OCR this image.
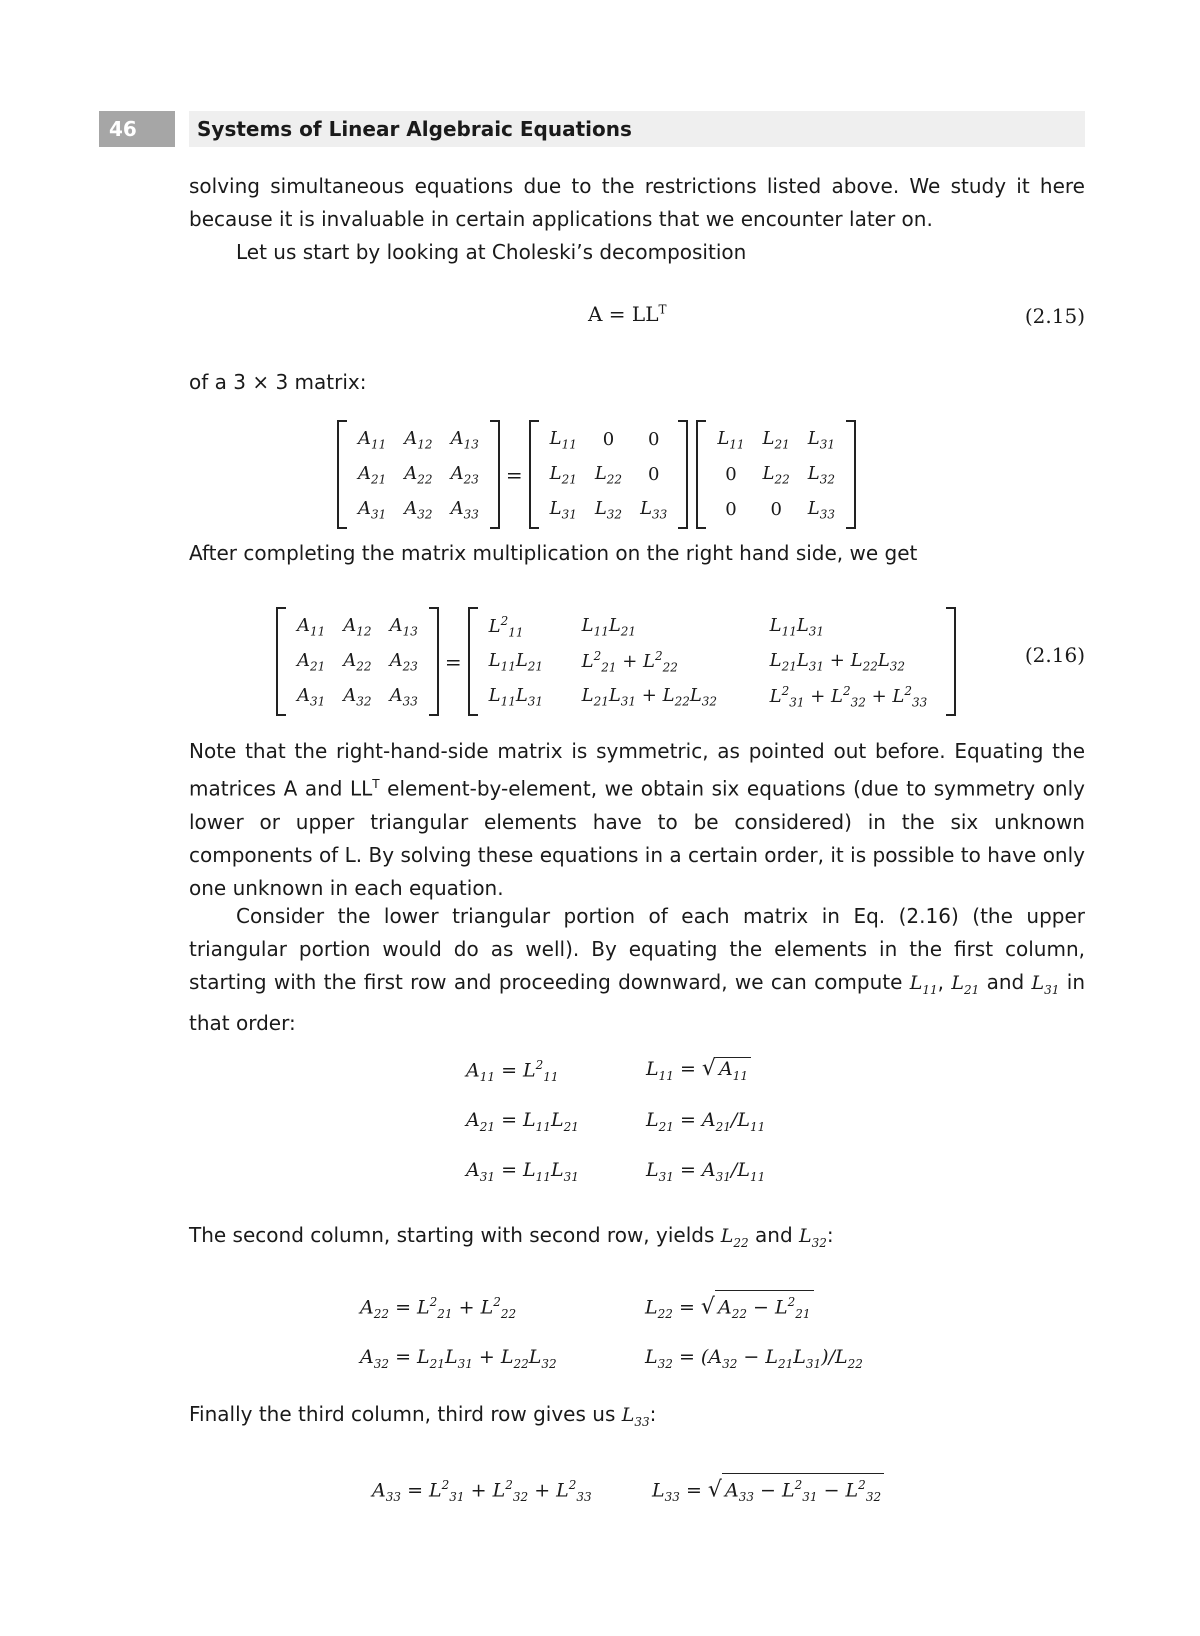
46	Systems of Linear Algebraic Equations

solving simultaneous equations due to the restrictions listed above. We study it here because it is invaluable in certain applications that we encounter later on.

Let us start by looking at Choleski’s decomposition

$A = LL^T$	(2.15)

of a 3 × 3 matrix:

$A_{11}$	$A_{12}$	$A_{13}$
$A_{21}$	$A_{22}$	$A_{23}$
$A_{31}$	$A_{32}$	$A_{33}$
=
$L_{11}$	0	0
$L_{21}$	$L_{22}$	0
$L_{31}$	$L_{32}$	$L_{33}$
$L_{11}$	$L_{21}$	$L_{31}$
0	$L_{22}$	$L_{32}$
0	0	$L_{33}$

After completing the matrix multiplication on the right hand side, we get

$A_{11}$	$A_{12}$	$A_{13}$
$A_{21}$	$A_{22}$	$A_{23}$
$A_{31}$	$A_{32}$	$A_{33}$
=
$L^2_{11}$	$L_{11}L_{21}$	$L_{11}L_{31}$
$L_{11}L_{21}$	$L^2_{21} + L^2_{22}$	$L_{21}L_{31} + L_{22}L_{32}$
$L_{11}L_{31}$	$L_{21}L_{31} + L_{22}L_{32}$	$L^2_{31} + L^2_{32} + L^2_{33}$
(2.16)

Note that the right-hand-side matrix is symmetric, as pointed out before. Equating the matrices A and $LL^T$ element-by-element, we obtain six equations (due to symmetry only lower or upper triangular elements have to be considered) in the six unknown components of L. By solving these equations in a certain order, it is possible to have only one unknown in each equation.

Consider the lower triangular portion of each matrix in Eq. (2.16) (the upper triangular portion would do as well). By equating the elements in the first column, starting with the first row and proceeding downward, we can compute $L_{11}$, $L_{21}$ and $L_{31}$ in that order:

$A_{11} = L^2_{11}$	$L_{11}$ = √ $A_{11}$
$A_{21} = L_{11}L_{21}$	$L_{21} = A_{21}/L_{11}$
$A_{31} = L_{11}L_{31}$	$L_{31} = A_{31}/L_{11}$

The second column, starting with second row, yields $L_{22}$ and $L_{32}$:

$A_{22} = L^2_{21} + L^2_{22}$	$L_{22}$ = √ $A_{22} - L^2_{21}$
$A_{32} = L_{21}L_{31} + L_{22}L_{32}$	$L_{32} = (A_{32} - L_{21}L_{31})/L_{22}$

Finally the third column, third row gives us $L_{33}$:

$A_{33} = L^2_{31} + L^2_{32} + L^2_{33}$	$L_{33}$ = √ $A_{33} - L^2_{31} - L^2_{32}$
